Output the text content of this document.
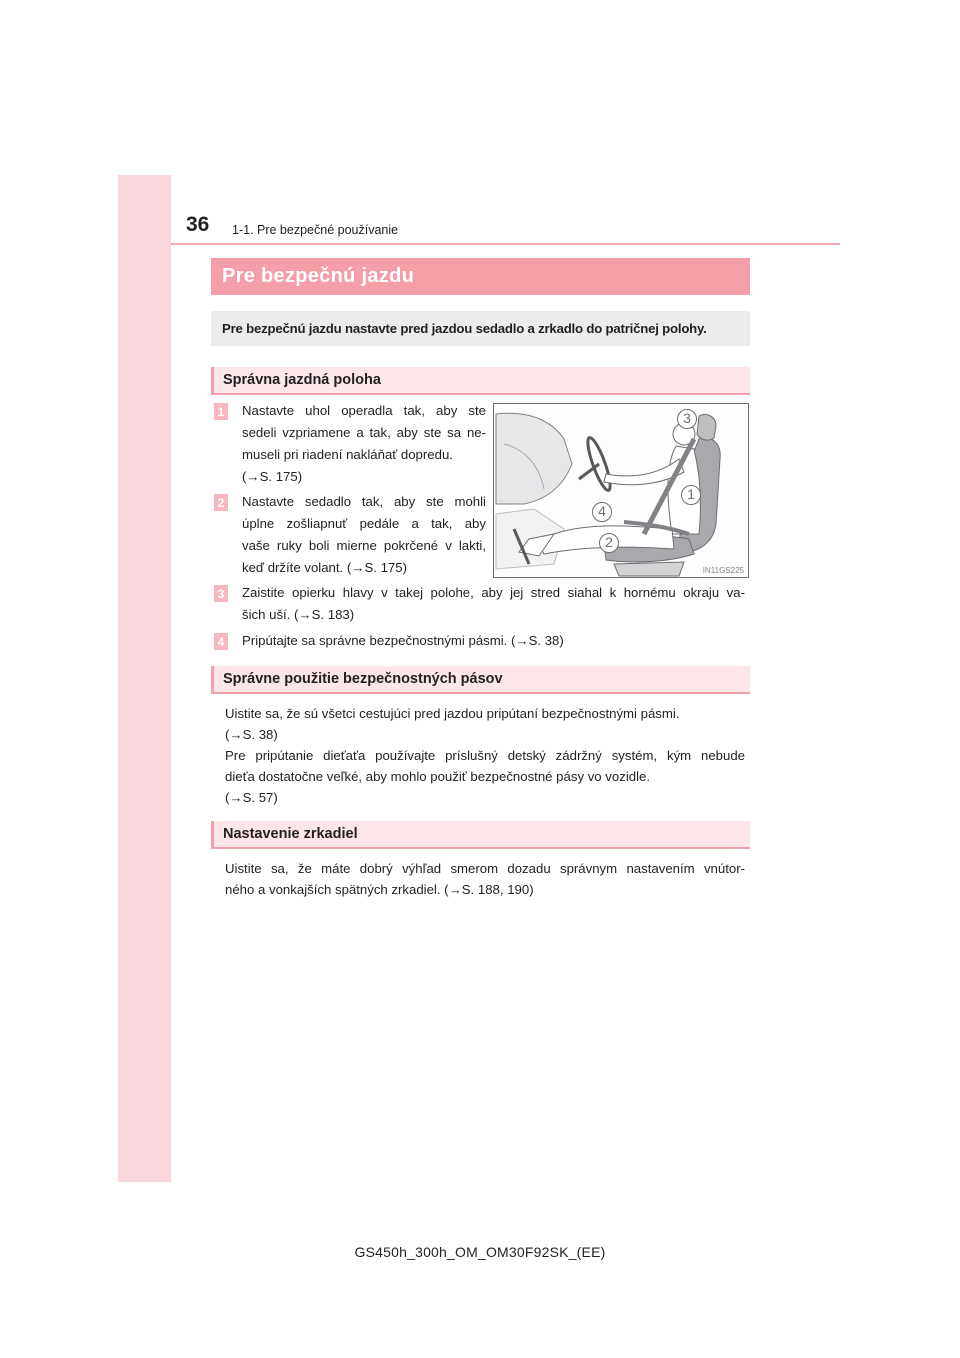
36 1-1. Pre bezpečné používanie
Pre bezpečnú jazdu
Pre bezpečnú jazdu nastavte pred jazdou sedadlo a zrkadlo do patričnej polohy.
Správna jazdná poloha
1 Nastavte uhol operadla tak, aby ste
sedeli vzpriamene a tak, aby ste sa ne-
museli pri riadení nakláňať dopredu.
(→S. 175)
2 Nastavte sedadlo tak, aby ste mohli
úplne zošliapnuť pedále a tak, aby
vaše ruky boli mierne pokrčené v lakti,
keď držíte volant. (→S. 175)
3
1
4
2
IN11GS225
3 Zaistite opierku hlavy v takej polohe, aby jej stred siahal k hornému okraju va-
šich uší. (→S. 183)
4 Pripútajte sa správne bezpečnostnými pásmi. (→S. 38)
Správne použitie bezpečnostných pásov
Uistite sa, že sú všetci cestujúci pred jazdou pripútaní bezpečnostnými pásmi.
(→S. 38)
Pre pripútanie dieťaťa používajte príslušný detský zádržný systém, kým nebude
dieťa dostatočne veľké, aby mohlo použiť bezpečnostné pásy vo vozidle.
(→S. 57)
Nastavenie zrkadiel
Uistite sa, že máte dobrý výhľad smerom dozadu správnym nastavením vnútor-
ného a vonkajších spätných zrkadiel. (→S. 188, 190)
GS450h_300h_OM_OM30F92SK_(EE)
